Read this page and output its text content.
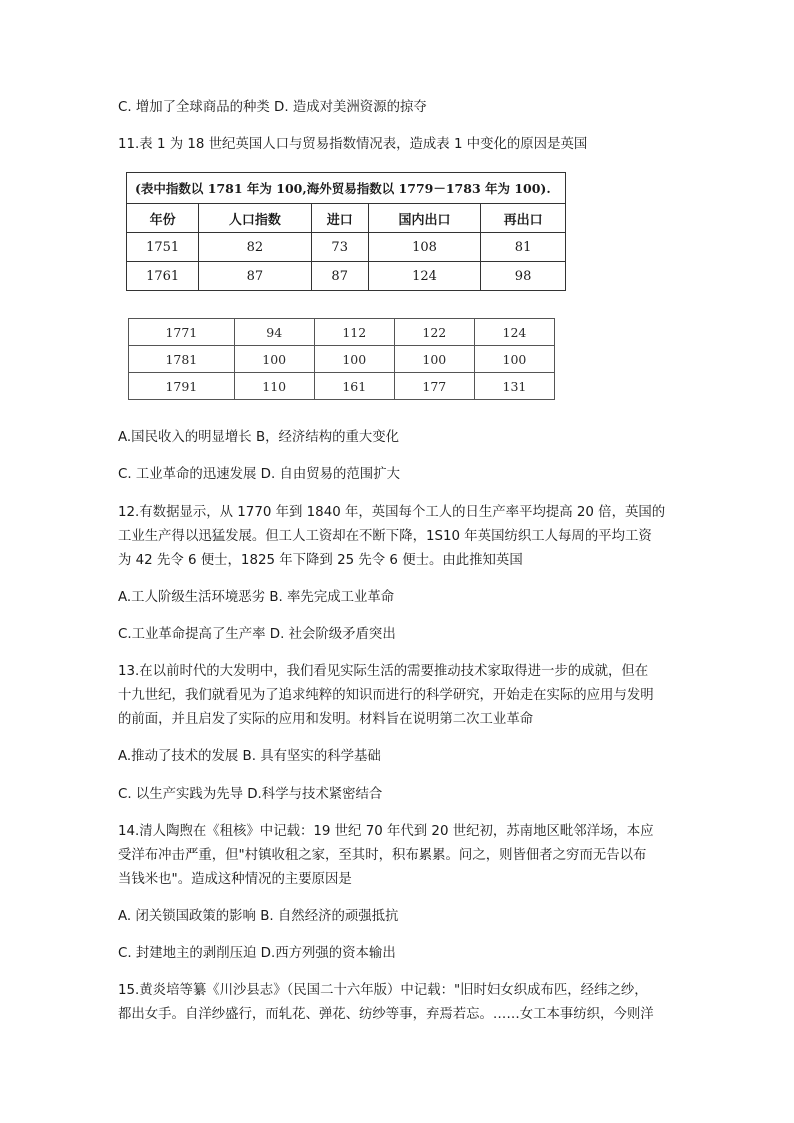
C. 增加了全球商品的种类 D. 造成对美洲资源的掠夺
11.表 1 为 18 世纪英国人口与贸易指数情况表，造成表 1 中变化的原因是英国
(表中指数以 1781 年为 100,海外贸易指数以 1779－1783 年为 100).				
年份	人口指数	进口	国内出口	再出口
1751	82	73	108	81
1761	87	87	124	98
1771	94	112	122	124
1781	100	100	100	100
1791	110	161	177	131
A.国民收入的明显增长 B，经济结构的重大变化
C. 工业革命的迅速发展 D. 自由贸易的范围扩大
12.有数据显示，从 1770 年到 1840 年，英国每个工人的日生产率平均提高 20 倍，英国的
工业生产得以迅猛发展。但工人工资却在不断下降，1S10 年英国纺织工人每周的平均工资
为 42 先令 6 便士，1825 年下降到 25 先令 6 便士。由此推知英国
A.工人阶级生活环境恶劣 B. 率先完成工业革命
C.工业革命提高了生产率 D. 社会阶级矛盾突出
13.在以前时代的大发明中，我们看见实际生活的需要推动技术家取得进一步的成就，但在
十九世纪，我们就看见为了追求纯粹的知识而进行的科学研究，开始走在实际的应用与发明
的前面，并且启发了实际的应用和发明。材料旨在说明第二次工业革命
A.推动了技术的发展 B. 具有坚实的科学基础
C. 以生产实践为先导 D.科学与技术紧密结合
14.清人陶煦在《租核》中记载：19 世纪 70 年代到 20 世纪初，苏南地区毗邻洋场，本应
受洋布冲击严重，但"村镇收租之家，至其时，积布累累。问之，则皆佃者之穷而无告以布
当钱米也"。造成这种情况的主要原因是
A. 闭关锁国政策的影响 B. 自然经济的顽强抵抗
C. 封建地主的剥削压迫 D.西方列强的资本输出
15.黄炎培等纂《川沙县志》（民国二十六年版）中记载："旧时妇女织成布匹，经纬之纱，
都出女手。自洋纱盛行，而轧花、弹花、纺纱等事，弃焉若忘。……女工本事纺织，今则洋
